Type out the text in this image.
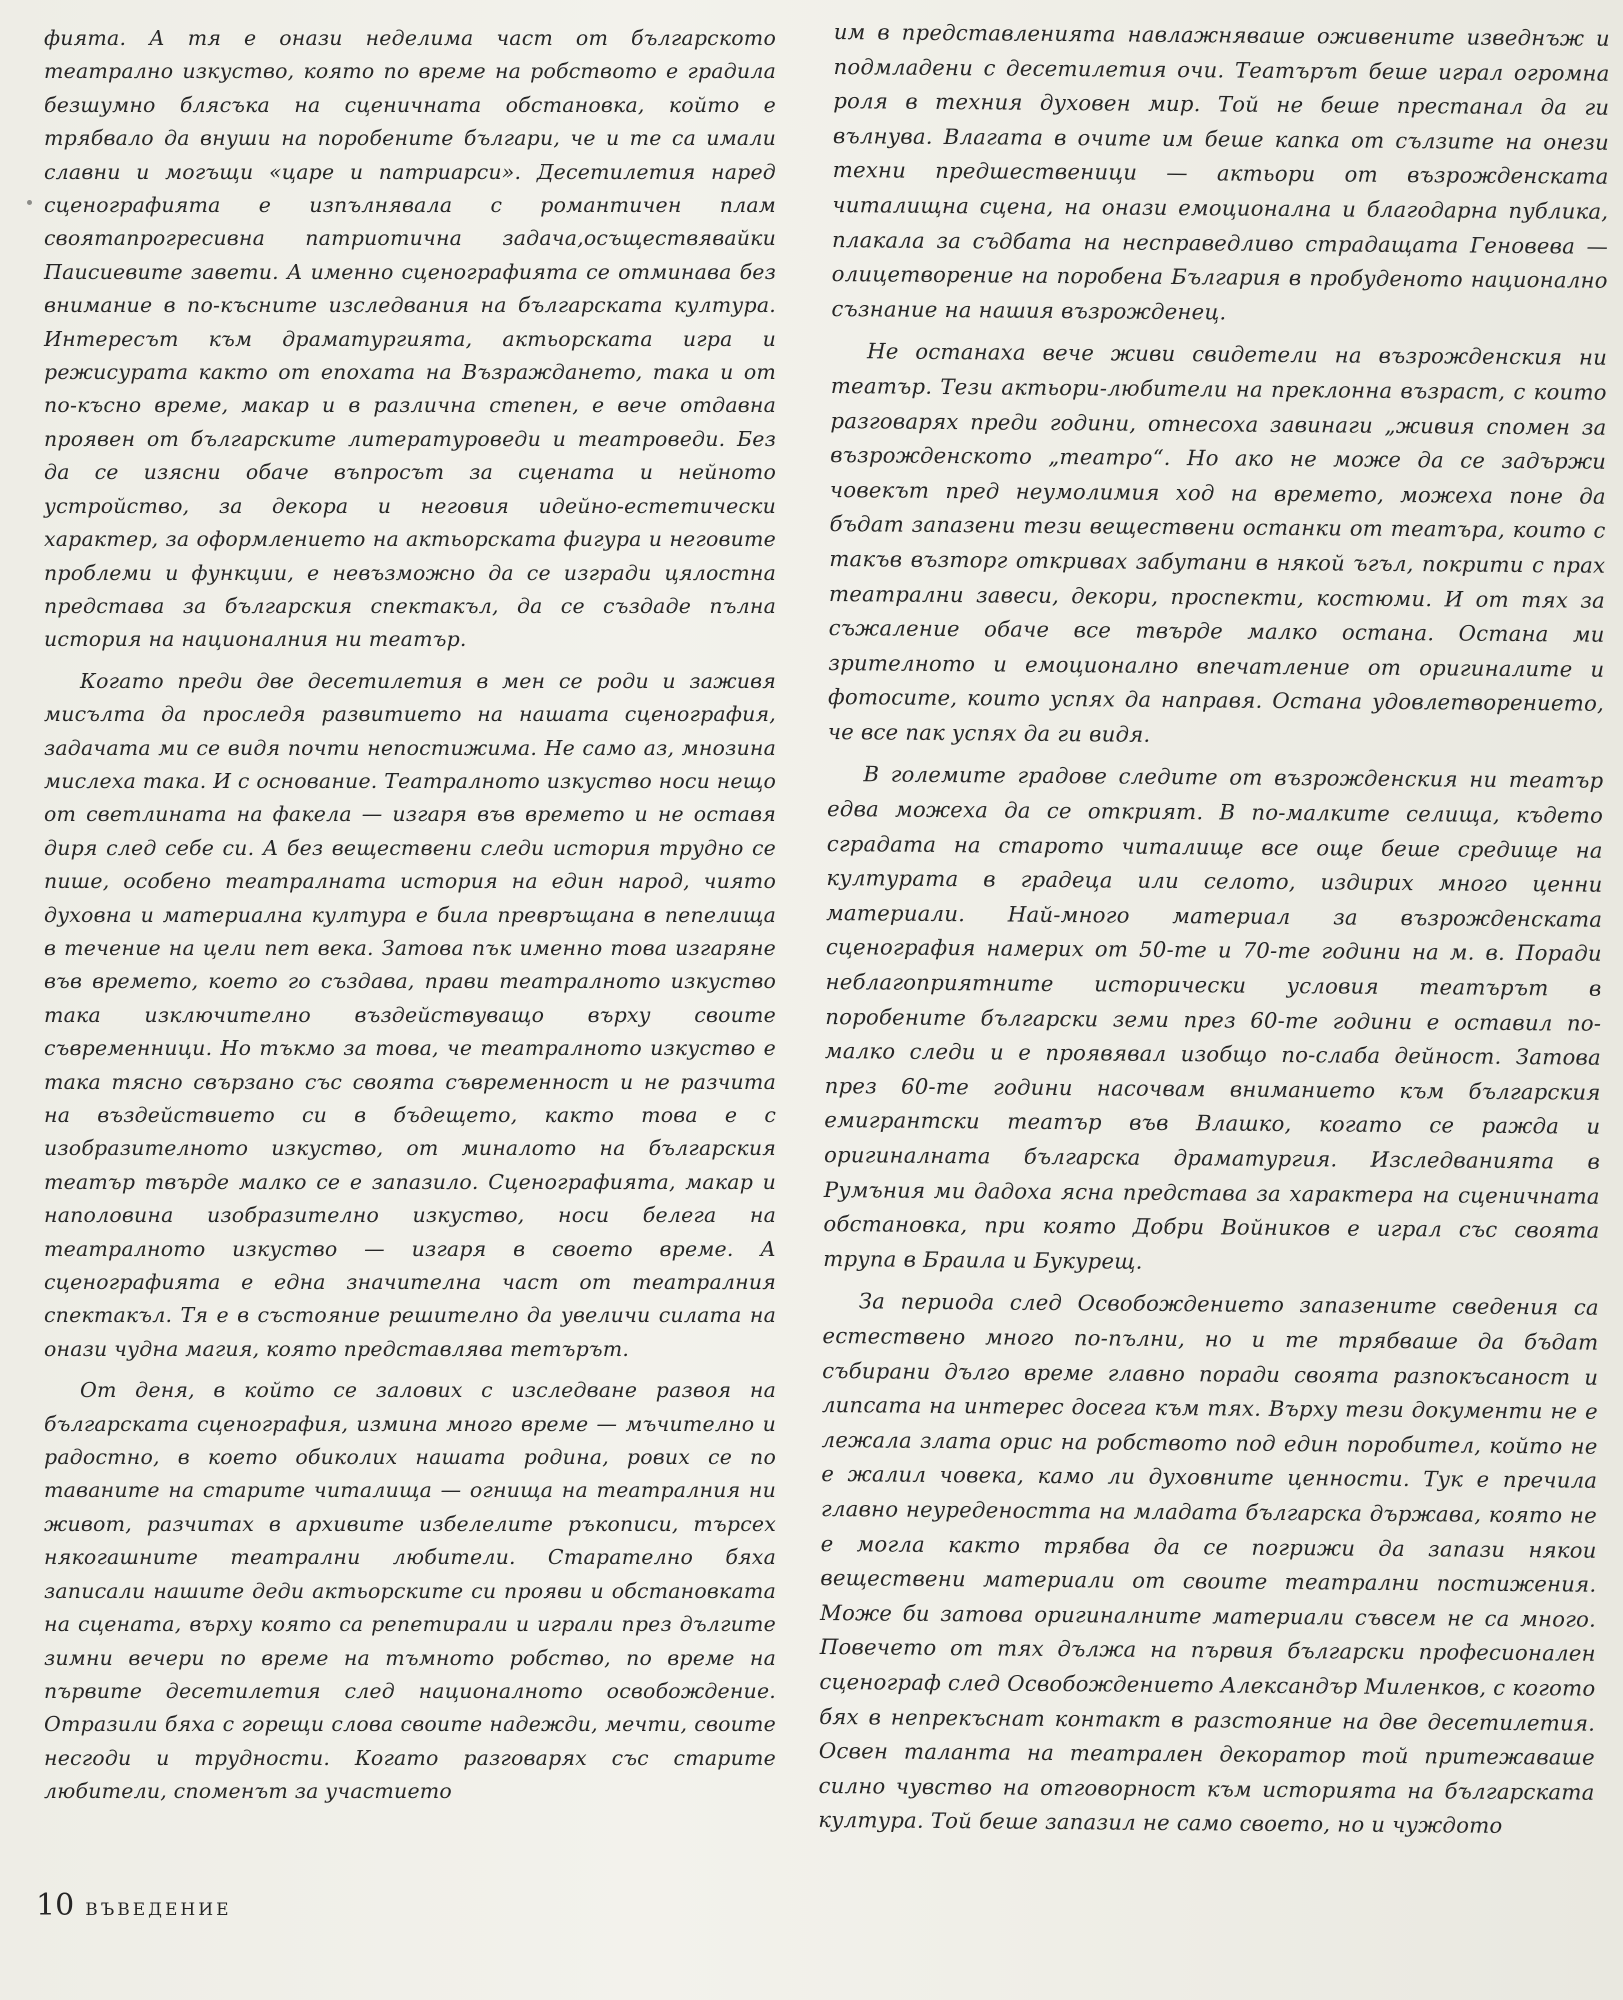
фията. А тя е онази неделима част от българското театрално изкуство, която по време на робството е градила безшумно блясъка на сценичната обстановка, който е трябвало да внуши на поробените българи, че и те са имали славни и могъщи «царе и патриарси». Десетилетия наред сценографията е изпълнявала с романтичен плам своятапрогресивна патриотична задача,осъществявайки Паисиевите завети. А именно сценографията се отминава без внимание в по-късните изследвания на българската култура. Интересът към драматургията, актьорската игра и режисурата както от епохата на Възраждането, така и от по-късно време, макар и в различна степен, е вече отдавна проявен от българските литературоведи и театроведи. Без да се изясни обаче въпросът за сцената и нейното устройство, за декора и неговия идейно-естетически характер, за оформлението на актьорската фигура и неговите проблеми и функции, е невъзможно да се изгради цялостна представа за българския спектакъл, да се създаде пълна история на националния ни театър.

Когато преди две десетилетия в мен се роди и заживя мисълта да проследя развитието на нашата сценография, задачата ми се видя почти непостижима. Не само аз, мнозина мислеха така. И с основание. Театралното изкуство носи нещо от светлината на факела — изгаря във времето и не оставя диря след себе си. А без веществени следи история трудно се пише, особено театралната история на един народ, чиято духовна и материална култура е била превръщана в пепелища в течение на цели пет века. Затова пък именно това изгаряне във времето, което го създава, прави театралното изкуство така изключително въздействуващо върху своите съвременници. Но тъкмо за това, че театралното изкуство е така тясно свързано със своята съвременност и не разчита на въздействието си в бъдещето, както това е с изобразителното изкуство, от миналото на българския театър твърде малко се е запазило. Сценографията, макар и наполовина изобразително изкуство, носи белега на театралното изкуство — изгаря в своето време. А сценографията е една значителна част от театралния спектакъл. Тя е в състояние решително да увеличи силата на онази чудна магия, която представлява тетърът.

От деня, в който се залових с изследване развоя на българската сценография, измина много време — мъчително и радостно, в което обиколих нашата родина, рових се по таваните на старите читалища — огнища на театралния ни живот, разчитах в архивите избелелите ръкописи, търсех някогашните театрални любители. Старателно бяха записали нашите деди актьорските си прояви и обстановката на сцената, върху която са репетирали и играли през дългите зимни вечери по време на тъмното робство, по време на първите десетилетия след националното освобождение. Отразили бяха с горещи слова своите надежди, мечти, своите несгоди и трудности. Когато разговарях със старите любители, споменът за участието

им в представленията навлажняваше оживените изведнъж и подмладени с десетилетия очи. Театърът беше играл огромна роля в техния духовен мир. Той не беше престанал да ги вълнува. Влагата в очите им беше капка от сълзите на онези техни предшественици — актьори от възрожденската читалищна сцена, на онази емоционална и благодарна публика, плакала за съдбата на несправедливо страдащата Геновева — олицетворение на поробена България в пробуденото национално съзнание на нашия възрожденец.

Не останаха вече живи свидетели на възрожденския ни театър. Тези актьори-любители на преклонна възраст, с които разговарях преди години, отнесоха завинаги „живия спомен за възрожденското „театро“. Но ако не може да се задържи човекът пред неумолимия ход на времето, можеха поне да бъдат запазени тези веществени останки от театъра, които с такъв възторг откривах забутани в някой ъгъл, покрити с прах театрални завеси, декори, проспекти, костюми. И от тях за съжаление обаче все твърде малко остана. Остана ми зрителното и емоционално впечатление от оригиналите и фотосите, които успях да направя. Остана удовлетворението, че все пак успях да ги видя.

В големите градове следите от възрожденския ни театър едва можеха да се открият. В по-малките селища, където сградата на старото читалище все още беше средище на културата в градеца или селото, издирих много ценни материали. Най-много материал за възрожденската сценография намерих от 50-те и 70-те години на м. в. Поради неблагоприятните исторически условия театърът в поробените български земи през 60-те години е оставил по-малко следи и е проявявал изобщо по-слаба дейност. Затова през 60-те години насочвам вниманието към българския емигрантски театър във Влашко, когато се ражда и оригиналната българска драматургия. Изследванията в Румъния ми дадоха ясна представа за характера на сценичната обстановка, при която Добри Войников е играл със своята трупа в Браила и Букурещ.

За периода след Освобождението запазените сведения са естествено много по-пълни, но и те трябваше да бъдат събирани дълго време главно поради своята разпокъсаност и липсата на интерес досега към тях. Върху тези документи не е лежала злата орис на робството под един поробител, който не е жалил човека, камо ли духовните ценности. Тук е пречила главно неуредеността на младата българска държава, която не е могла както трябва да се погрижи да запази някои веществени материали от своите театрални постижения. Може би затова оригиналните материали съвсем не са много. Повечето от тях дължа на първия български професионален сценограф след Освобождението Александър Миленков, с когото бях в непрекъснат контакт в разстояние на две десетилетия. Освен таланта на театрален декоратор той притежаваше силно чувство на отговорност към историята на българската култура. Той беше запазил не само своето, но и чуждото

10 ВЪВЕДЕНИЕ
